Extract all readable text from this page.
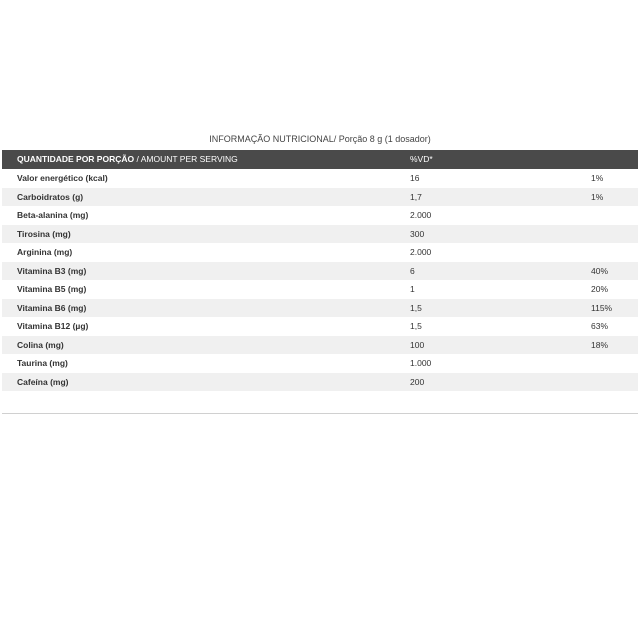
INFORMAÇÃO NUTRICIONAL/ Porção 8 g (1 dosador)
QUANTIDADE POR PORÇÃO / AMOUNT PER SERVING	%VD*
Valor energético (kcal)	16	1%
Carboidratos (g)	1,7	1%
Beta-alanina (mg)	2.000
Tirosina (mg)	300
Arginina (mg)	2.000
Vitamina B3 (mg)	6	40%
Vitamina B5 (mg)	1	20%
Vitamina B6 (mg)	1,5	115%
Vitamina B12 (µg)	1,5	63%
Colina (mg)	100	18%
Taurina (mg)	1.000
Cafeína (mg)	200
